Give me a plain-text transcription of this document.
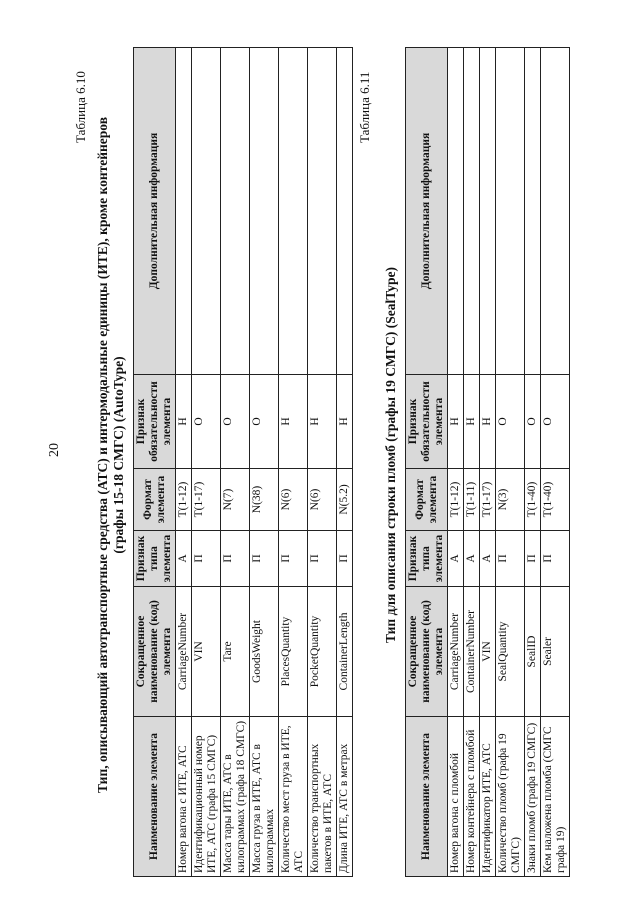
20
Таблица 6.10
Тип, описывающий автотранспортные средства (АТС) и интермодальные единицы (ИТЕ), кроме контейнеров (графы 15-18 СМГС) (AutoType)
Наименование элемента	Сокращенное наименование (код) элемента	Признак типа элемента	Формат элемента	Признак обязательности элемента	Дополнительная информация
Номер вагона с ИТЕ, АТС	CarriageNumber	А	T(1-12)	Н	
Идентификационный номер ИТЕ, АТС (графа 15 СМГС)	VIN	П	T(1-17)	О	
Масса тары ИТЕ, АТС в килограммах (графа 18 СМГС)	Tare	П	N(7)	О	
Масса груза в ИТЕ, АТС в килограммах	GoodsWeight	П	N(38)	О	
Количество мест груза в ИТЕ, АТС	PlacesQuantity	П	N(6)	Н	
Количество транспортных пакетов в ИТЕ, АТС	PocketQuantity	П	N(6)	Н	
Длина ИТЕ, АТС в метрах	ContainerLength	П	N(5.2)	Н	
Таблица 6.11
Тип для описания строки пломб (графы 19 СМГС) (SealType)
Наименование элемента	Сокращенное наименование (код) элемента	Признак типа элемента	Формат элемента	Признак обязательности элемента	Дополнительная информация
Номер вагона с пломбой	CarriageNumber	А	T(1-12)	Н	
Номер контейнера с пломбой	ContainerNumber	А	T(1-11)	Н	
Идентификатор ИТЕ, АТС	VIN	А	T(1-17)	Н	
Количество пломб (графа 19 СМГС)	SealQuantity	П	N(3)	О	
Знаки пломб (графа 19 СМГС)	SealID	П	T(1-40)	О	
Кем наложена пломба (СМГС графа 19)	Sealer	П	T(1-40)	О	
